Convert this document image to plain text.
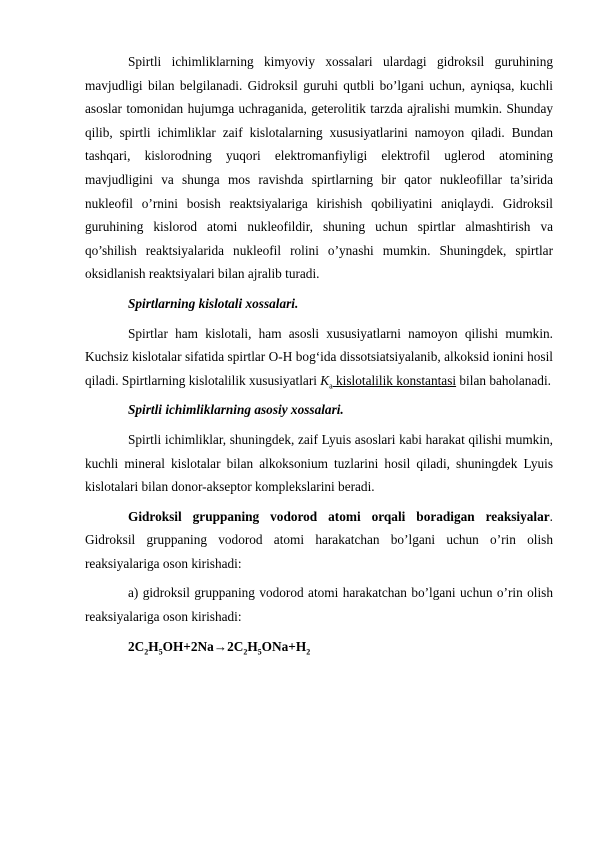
Spirtli ichimliklarning kimyoviy xossalari ulardagi gidroksil guruhining mavjudligi bilan belgilanadi. Gidroksil guruhi qutbli bo’lgani uchun, ayniqsa, kuchli asoslar tomonidan hujumga uchraganida, geterolitik tarzda ajralishi mumkin. Shunday qilib, spirtli ichimliklar zaif kislotalarning xususiyatlarini namoyon qiladi. Bundan tashqari, kislorodning yuqori elektromanfiyligi elektrofil uglerod atomining mavjudligini va shunga mos ravishda spirtlarning bir qator nukleofillar ta’sirida nukleofil o’rnini bosish reaktsiyalariga kirishish qobiliyatini aniqlaydi. Gidroksil guruhining kislorod atomi nukleofildir, shuning uchun spirtlar almashtirish va qo’shilish reaktsiyalarida nukleofil rolini o’ynashi mumkin. Shuningdek, spirtlar oksidlanish reaktsiyalari bilan ajralib turadi.

Spirtlarning kislotali xossalari.

Spirtlar ham kislotali, ham asosli xususiyatlarni namoyon qilishi mumkin. Kuchsiz kislotalar sifatida spirtlar O-H bog‘ida dissotsiatsiyalanib, alkoksid ionini hosil qiladi. Spirtlarning kislotalilik xususiyatlari $K_a$ kislotalilik konstantasi bilan baholanadi.

Spirtli ichimliklarning asosiy xossalari.

Spirtli ichimliklar, shuningdek, zaif Lyuis asoslari kabi harakat qilishi mumkin, kuchli mineral kislotalar bilan alkoksonium tuzlarini hosil qiladi, shuningdek Lyuis kislotalari bilan donor-akseptor komplekslarini beradi.

Gidroksil gruppaning vodorod atomi orqali boradigan reaksiyalar. Gidroksil gruppaning vodorod atomi harakatchan bo’lgani uchun o’rin olish reaksiyalariga oson kirishadi:

a) gidroksil gruppaning vodorod atomi harakatchan bo’lgani uchun o’rin olish reaksiyalariga oson kirishadi:

$2C_2H_5OH+2Na\to 2C_2H_5ONa+H_2$
